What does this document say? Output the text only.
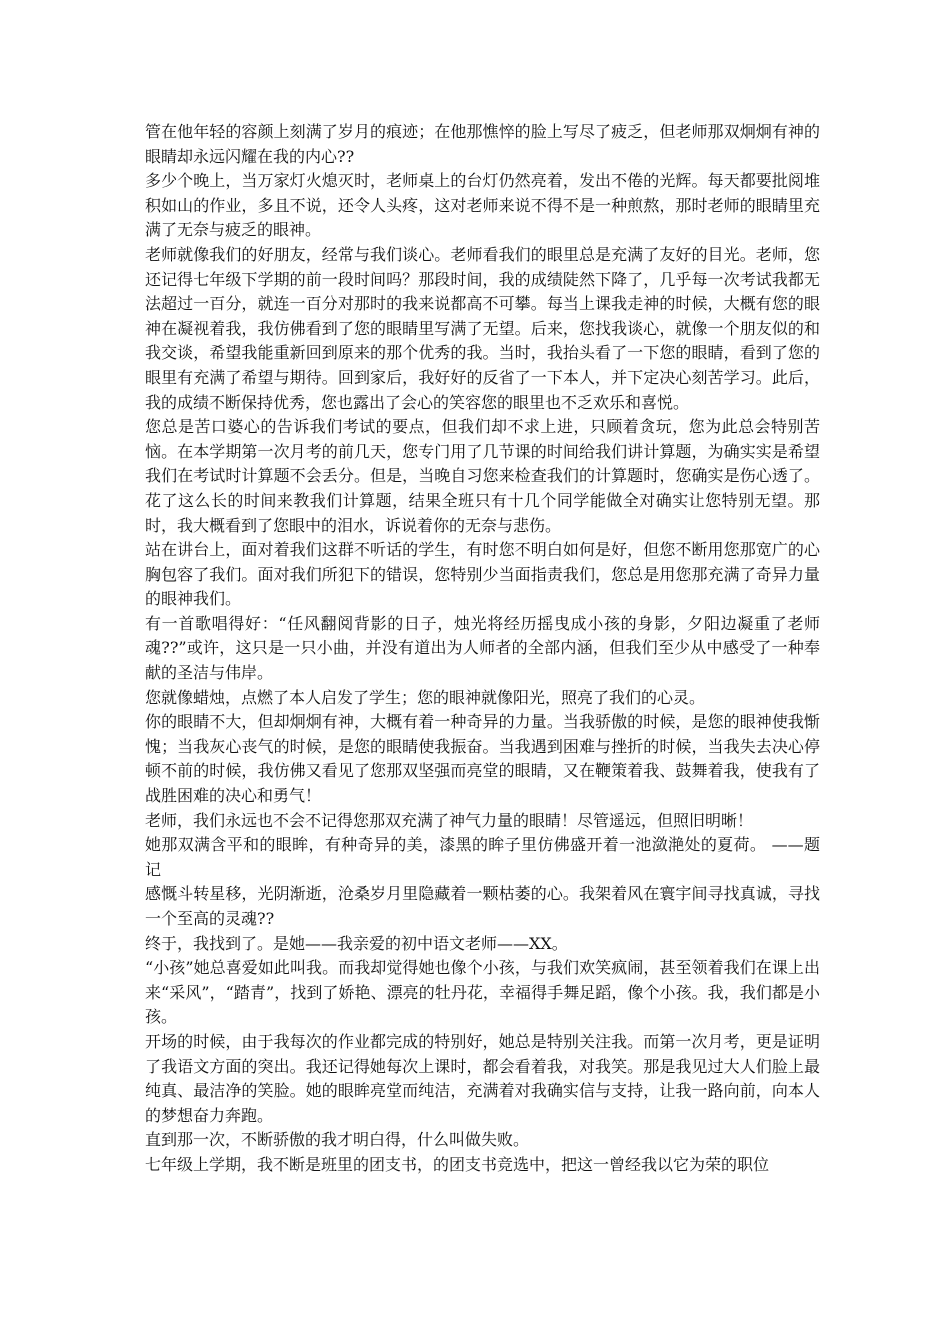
管在他年轻的容颜上刻满了岁月的痕迹；在他那憔悴的脸上写尽了疲乏，但老师那双炯炯有神的眼睛却永远闪耀在我的内心??

多少个晚上，当万家灯火熄灭时，老师桌上的台灯仍然亮着，发出不倦的光辉。每天都要批阅堆积如山的作业，多且不说，还令人头疼，这对老师来说不得不是一种煎熬，那时老师的眼睛里充满了无奈与疲乏的眼神。

老师就像我们的好朋友，经常与我们谈心。老师看我们的眼里总是充满了友好的目光。老师，您还记得七年级下学期的前一段时间吗？那段时间，我的成绩陡然下降了，几乎每一次考试我都无法超过一百分，就连一百分对那时的我来说都高不可攀。每当上课我走神的时候，大概有您的眼神在凝视着我，我仿佛看到了您的眼睛里写满了无望。后来，您找我谈心，就像一个朋友似的和我交谈，希望我能重新回到原来的那个优秀的我。当时，我抬头看了一下您的眼睛，看到了您的眼里有充满了希望与期待。回到家后，我好好的反省了一下本人，并下定决心刻苦学习。此后，我的成绩不断保持优秀，您也露出了会心的笑容您的眼里也不乏欢乐和喜悦。

您总是苦口婆心的告诉我们考试的要点，但我们却不求上进，只顾着贪玩，您为此总会特别苦恼。在本学期第一次月考的前几天，您专门用了几节课的时间给我们讲计算题，为确实实是希望我们在考试时计算题不会丢分。但是，当晚自习您来检查我们的计算题时，您确实是伤心透了。花了这么长的时间来教我们计算题，结果全班只有十几个同学能做全对确实让您特别无望。那时，我大概看到了您眼中的泪水，诉说着你的无奈与悲伤。

站在讲台上，面对着我们这群不听话的学生，有时您不明白如何是好，但您不断用您那宽广的心胸包容了我们。面对我们所犯下的错误，您特别少当面指责我们，您总是用您那充满了奇异力量的眼神我们。

有一首歌唱得好：“任风翻阅背影的日子，烛光将经历摇曳成小孩的身影，夕阳边凝重了老师魂??”或许，这只是一只小曲，并没有道出为人师者的全部内涵，但我们至少从中感受了一种奉献的圣洁与伟岸。

您就像蜡烛，点燃了本人启发了学生；您的眼神就像阳光，照亮了我们的心灵。

你的眼睛不大，但却炯炯有神，大概有着一种奇异的力量。当我骄傲的时候，是您的眼神使我惭愧；当我灰心丧气的时候，是您的眼睛使我振奋。当我遇到困难与挫折的时候，当我失去决心停顿不前的时候，我仿佛又看见了您那双坚强而亮堂的眼睛，又在鞭策着我、鼓舞着我，使我有了战胜困难的决心和勇气！

老师，我们永远也不会不记得您那双充满了神气力量的眼睛！尽管遥远，但照旧明晰！

她那双满含平和的眼眸，有种奇异的美，漆黑的眸子里仿佛盛开着一池潋滟处的夏荷。 ——题记

感慨斗转星移，光阴渐逝，沧桑岁月里隐藏着一颗枯萎的心。我架着风在寰宇间寻找真诚，寻找一个至高的灵魂??

终于，我找到了。是她——我亲爱的初中语文老师——XX。

“小孩”她总喜爱如此叫我。而我却觉得她也像个小孩，与我们欢笑疯闹，甚至领着我们在课上出来“采风”，“踏青”，找到了娇艳、漂亮的牡丹花，幸福得手舞足蹈，像个小孩。我，我们都是小孩。

开场的时候，由于我每次的作业都完成的特别好，她总是特别关注我。而第一次月考，更是证明了我语文方面的突出。我还记得她每次上课时，都会看着我，对我笑。那是我见过大人们脸上最纯真、最洁净的笑脸。她的眼眸亮堂而纯洁，充满着对我确实信与支持，让我一路向前，向本人的梦想奋力奔跑。

直到那一次，不断骄傲的我才明白得，什么叫做失败。

七年级上学期，我不断是班里的团支书，的团支书竞选中，把这一曾经我以它为荣的职位
